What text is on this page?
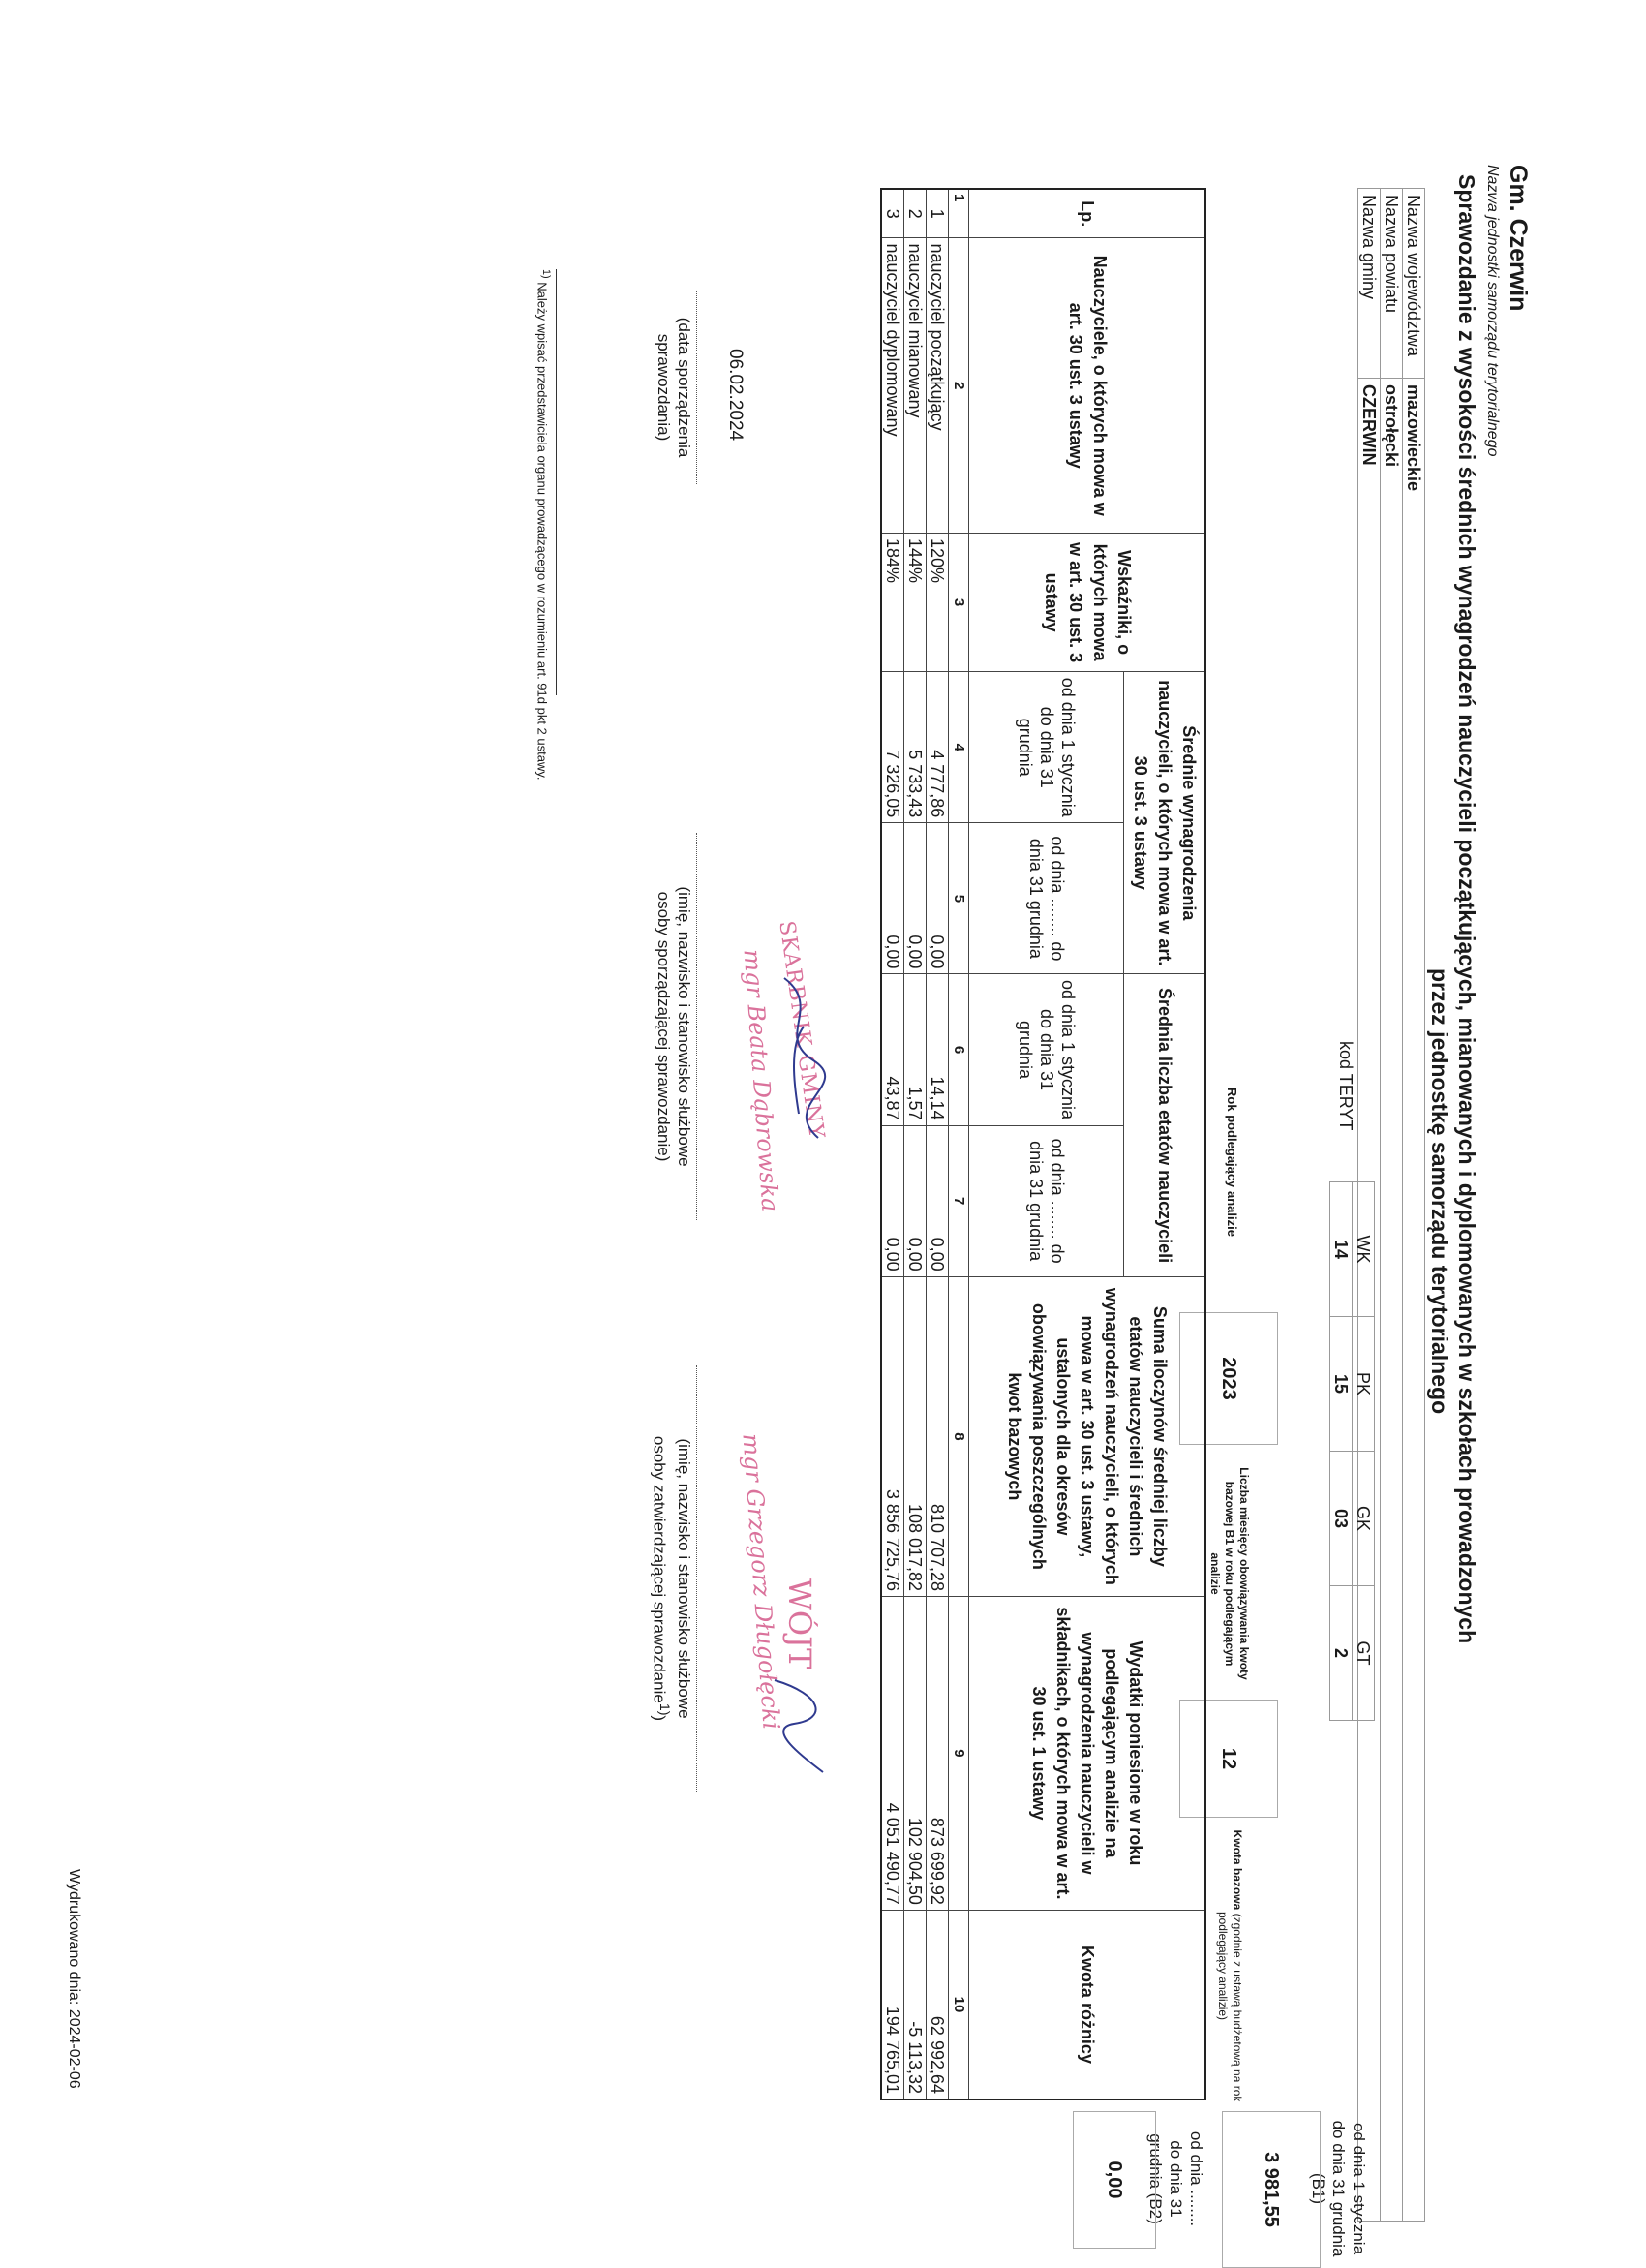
Gm. Czerwin
Nazwa jednostki samorządu terytorialnego
Sprawozdanie z wysokości średnich wynagrodzeń nauczycieli początkujących, mianowanych i dyplomowanych w szkołach prowadzonych
przez jednostkę samorządu terytorialnego
Nazwa województwa	mazowieckie
Nazwa powiatu	ostrołęcki
Nazwa gminy	CZERWIN
kod TERYT
WK	PK	GK	GT
14	15	03	2
Rok podlegający analizie
2023
Liczba miesięcy obowiązywania kwoty bazowej B1 w roku podlegającym analizie
12
Kwota bazowa (zgodnie z ustawą budżetową na rok podlegający analizie)
od dnia 1 stycznia
do dnia 31 grudnia (B1)
3 981,55
Lp.	Nauczyciele, o których mowa w art. 30 ust. 3 ustawy	Wskaźniki, o których mowa w art. 30 ust. 3 ustawy	Średnie wynagrodzenia nauczycieli, o których mowa w art. 30 ust. 3 ustawy		Średnia liczba etatów nauczycieli		Suma iloczynów średniej liczby etatów nauczycieli i średnich wynagrodzeń nauczycieli, o których mowa w art. 30 ust. 3 ustawy, ustalonych dla okresów obowiązywania poszczególnych kwot bazowych	Wydatki poniesione w roku podlegającym analizie na wynagrodzenia nauczycieli w składnikach, o których mowa w art. 30 ust. 1 ustawy	Kwota różnicy
			od dnia 1 stycznia do dnia 31 grudnia	od dnia ........ do dnia 31 grudnia	od dnia 1 stycznia do dnia 31 grudnia	od dnia ........ do dnia 31 grudnia			
1	2	3	4	5	6	7	8	9	10
1	nauczyciel początkujący	120%	4 777,86	0,00	14,14	0,00	810 707,28	873 699,92	62 992,64
2	nauczyciel mianowany	144%	5 733,43	0,00	1,57	0,00	108 017,82	102 904,50	-5 113,32
3	nauczyciel dyplomowany	184%	7 326,05	0,00	43,87	0,00	3 856 725,76	4 051 490,77	194 765,01
od dnia ........
do dnia 31 grudnia (B2)
0,00
06.02.2024
(data sporządzenia
sprawozdania)
SKARBNIK GMINY
mgr Beata Dąbrowska
(imię, nazwisko i stanowisko służbowe
osoby sporządzającej sprawozdanie)
WÓJT
mgr Grzegorz Długołęcki
(imię, nazwisko i stanowisko służbowe
osoby zatwierdzającej sprawozdanie$^{1)}$)
$^{1)}$ Należy wpisać przedstawiciela organu prowadzącego w rozumieniu art. 91d pkt 2 ustawy.
Wydrukowano dnia: 2024-02-06
